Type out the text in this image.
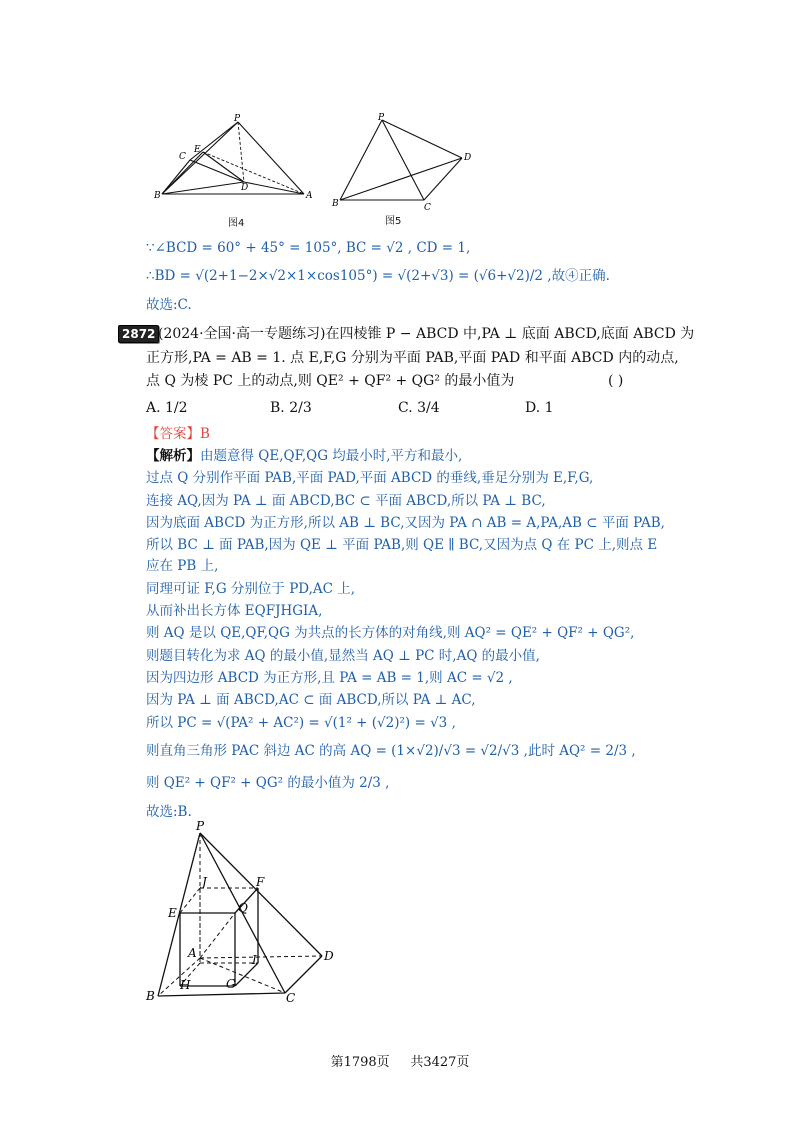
P
C
E
D
B	A
图4
P
D
B	C
图5
∵∠BCD = 60° + 45° = 105°, BC = √2 , CD = 1,
∴BD = √(2+1−2×√2×1×cos105°) = √(2+√3) = (√6+√2)/2 ,故④正确.
故选:C.
2872 (2024·全国·高一专题练习)在四棱锥 P − ABCD 中,PA ⊥ 底面 ABCD,底面 ABCD 为
正方形,PA = AB = 1. 点 E,F,G 分别为平面 PAB,平面 PAD 和平面 ABCD 内的动点,
点 Q 为棱 PC 上的动点,则 QE² + QF² + QG² 的最小值为	( )
A. 1/2	B. 2/3	C. 3/4	D. 1
【答案】B
【解析】由题意得 QE,QF,QG 均最小时,平方和最小,
过点 Q 分别作平面 PAB,平面 PAD,平面 ABCD 的垂线,垂足分别为 E,F,G,
连接 AQ,因为 PA ⊥ 面 ABCD,BC ⊂ 平面 ABCD,所以 PA ⊥ BC,
因为底面 ABCD 为正方形,所以 AB ⊥ BC,又因为 PA ∩ AB = A,PA,AB ⊂ 平面 PAB,
所以 BC ⊥ 面 PAB,因为 QE ⊥ 平面 PAB,则 QE ∥ BC,又因为点 Q 在 PC 上,则点 E
应在 PB 上,
同理可证 F,G 分别位于 PD,AC 上,
从而补出长方体 EQFJHGIA,
则 AQ 是以 QE,QF,QG 为共点的长方体的对角线,则 AQ² = QE² + QF² + QG²,
则题目转化为求 AQ 的最小值,显然当 AQ ⊥ PC 时,AQ 的最小值,
因为四边形 ABCD 为正方形,且 PA = AB = 1,则 AC = √2 ,
因为 PA ⊥ 面 ABCD,AC ⊂ 面 ABCD,所以 PA ⊥ AC,
所以 PC = √(PA² + AC²) = √(1² + (√2)²) = √3 ,
则直角三角形 PAC 斜边 AC 的高 AQ = (1×√2)/√3 = √2/√3 ,此时 AQ² = 2/3 ,
则 QE² + QF² + QG² 的最小值为 2/3 ,
故选:B.
P
J	F
E	Q
A	I	D
H	G
C
B
第1798页 共3427页
